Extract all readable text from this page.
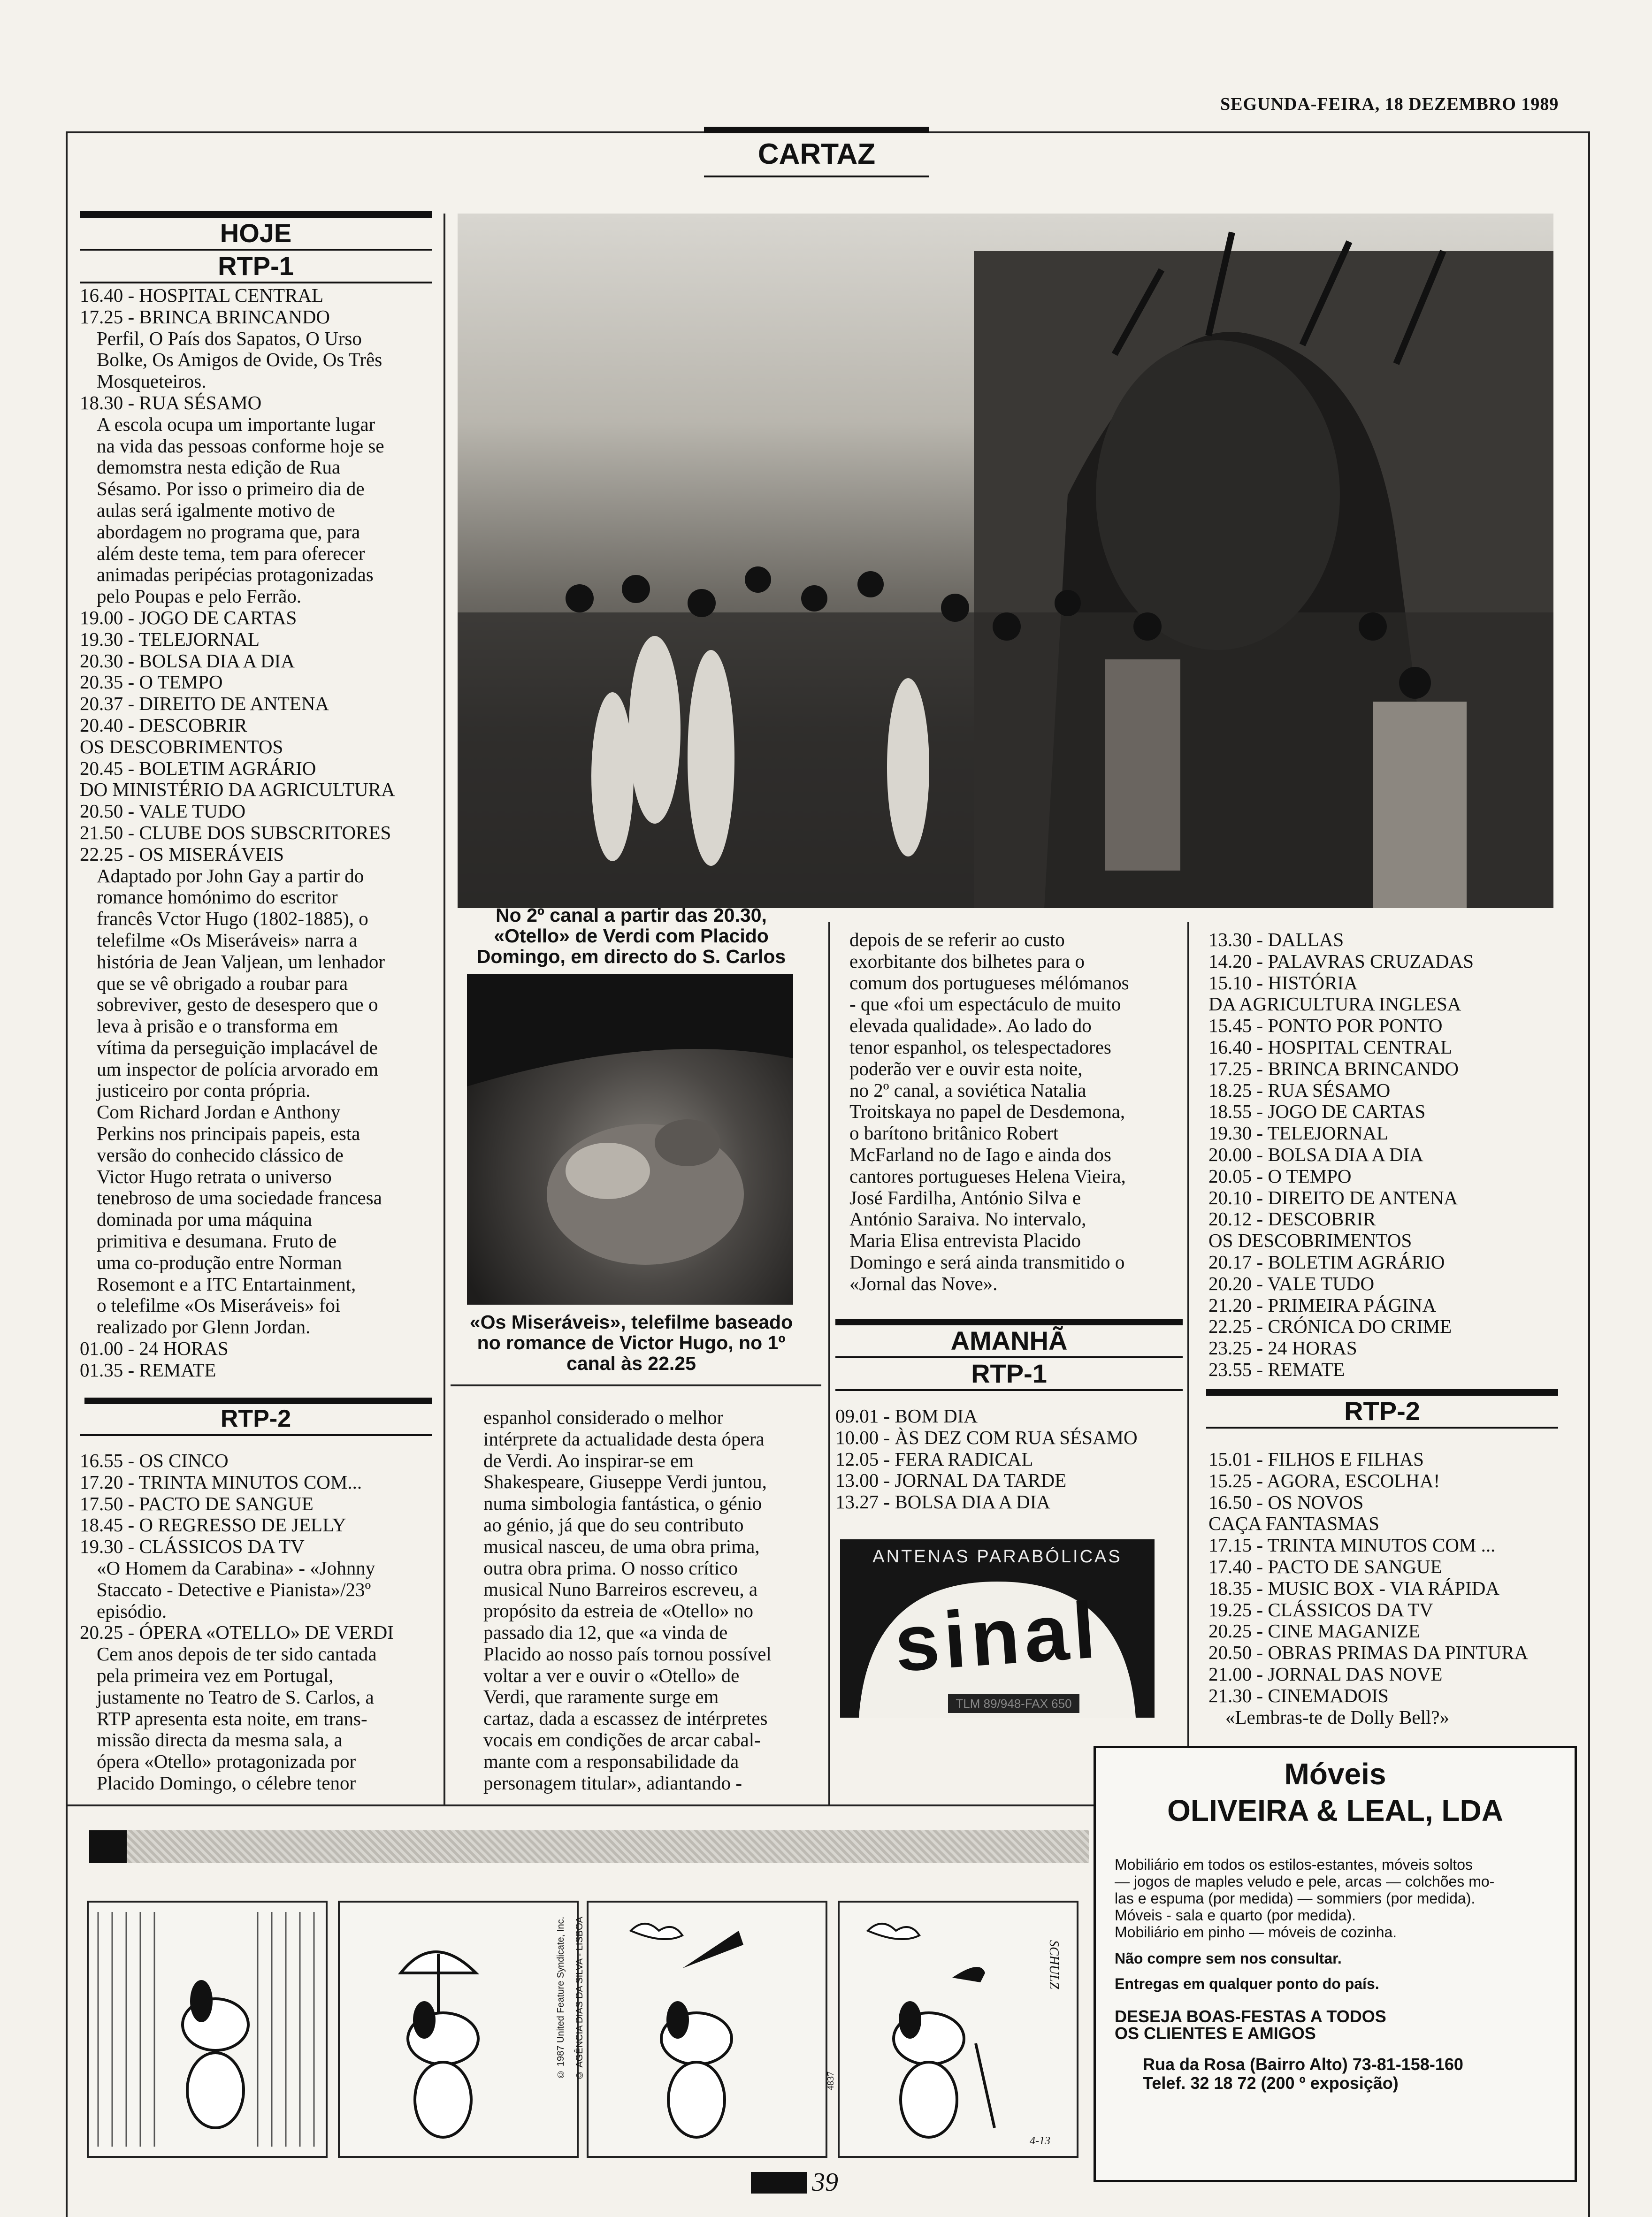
SEGUNDA-FEIRA, 18 DEZEMBRO 1989
CARTAZ
HOJE
RTP-1
16.40 - HOSPITAL CENTRAL
17.25 - BRINCA BRINCANDO
Perfil, O País dos Sapatos, O Urso
Bolke, Os Amigos de Ovide, Os Três
Mosqueteiros.
18.30 - RUA SÉSAMO
A escola ocupa um importante lugar
na vida das pessoas conforme hoje se
demomstra nesta edição de Rua
Sésamo. Por isso o primeiro dia de
aulas será igalmente motivo de
abordagem no programa que, para
além deste tema, tem para oferecer
animadas peripécias protagonizadas
pelo Poupas e pelo Ferrão.
19.00 - JOGO DE CARTAS
19.30 - TELEJORNAL
20.30 - BOLSA DIA A DIA
20.35 - O TEMPO
20.37 - DIREITO DE ANTENA
20.40 - DESCOBRIR
OS DESCOBRIMENTOS
20.45 - BOLETIM AGRÁRIO
DO MINISTÉRIO DA AGRICULTURA
20.50 - VALE TUDO
21.50 - CLUBE DOS SUBSCRITORES
22.25 - OS MISERÁVEIS
Adaptado por John Gay a partir do
romance homónimo do escritor
francês Vctor Hugo (1802-1885), o
telefilme «Os Miseráveis» narra a
história de Jean Valjean, um lenhador
que se vê obrigado a roubar para
sobreviver, gesto de desespero que o
leva à prisão e o transforma em
vítima da perseguição implacável de
um inspector de polícia arvorado em
justiceiro por conta própria.
Com Richard Jordan e Anthony
Perkins nos principais papeis, esta
versão do conhecido clássico de
Victor Hugo retrata o universo
tenebroso de uma sociedade francesa
dominada por uma máquina
primitiva e desumana. Fruto de
uma co-produção entre Norman
Rosemont e a ITC Entartainment,
o telefilme «Os Miseráveis» foi
realizado por Glenn Jordan.
01.00 - 24 HORAS
01.35 - REMATE
RTP-2
16.55 - OS CINCO
17.20 - TRINTA MINUTOS COM...
17.50 - PACTO DE SANGUE
18.45 - O REGRESSO DE JELLY
19.30 - CLÁSSICOS DA TV
«O Homem da Carabina» - «Johnny
Staccato - Detective e Pianista»/23º
episódio.
20.25 - ÓPERA «OTELLO» DE VERDI
Cem anos depois de ter sido cantada
pela primeira vez em Portugal,
justamente no Teatro de S. Carlos, a
RTP apresenta esta noite, em trans-
missão directa da mesma sala, a
ópera «Otello» protagonizada por
Placido Domingo, o célebre tenor
No 2º canal a partir das 20.30, «Otello» de Verdi com Placido Domingo, em directo do S. Carlos
«Os Miseráveis», telefilme baseado no romance de Victor Hugo, no 1º canal às 22.25
espanhol considerado o melhor
intérprete da actualidade desta ópera
de Verdi. Ao inspirar-se em
Shakespeare, Giuseppe Verdi juntou,
numa simbologia fantástica, o génio
ao génio, já que do seu contributo
musical nasceu, de uma obra prima,
outra obra prima. O nosso crítico
musical Nuno Barreiros escreveu, a
propósito da estreia de «Otello» no
passado dia 12, que «a vinda de
Placido ao nosso país tornou possível
voltar a ver e ouvir o «Otello» de
Verdi, que raramente surge em
cartaz, dada a escassez de intérpretes
vocais em condições de arcar cabal-
mante com a responsabilidade da
personagem titular», adiantando -
depois de se referir ao custo
exorbitante dos bilhetes para o
comum dos portugueses mélómanos
- que «foi um espectáculo de muito
elevada qualidade». Ao lado do
tenor espanhol, os telespectadores
poderão ver e ouvir esta noite,
no 2º canal, a soviética Natalia
Troitskaya no papel de Desdemona,
o barítono britânico Robert
McFarland no de Iago e ainda dos
cantores portugueses Helena Vieira,
José Fardilha, António Silva e
António Saraiva. No intervalo,
Maria Elisa entrevista Placido
Domingo e será ainda transmitido o
«Jornal das Nove».
AMANHÃ
RTP-1
09.01 - BOM DIA
10.00 - ÀS DEZ COM RUA SÉSAMO
12.05 - FERA RADICAL
13.00 - JORNAL DA TARDE
13.27 - BOLSA DIA A DIA
ANTENAS PARABÓLICAS
sinal
TLM 89/948-FAX 650
13.30 - DALLAS
14.20 - PALAVRAS CRUZADAS
15.10 - HISTÓRIA
DA AGRICULTURA INGLESA
15.45 - PONTO POR PONTO
16.40 - HOSPITAL CENTRAL
17.25 - BRINCA BRINCANDO
18.25 - RUA SÉSAMO
18.55 - JOGO DE CARTAS
19.30 - TELEJORNAL
20.00 - BOLSA DIA A DIA
20.05 - O TEMPO
20.10 - DIREITO DE ANTENA
20.12 - DESCOBRIR
OS DESCOBRIMENTOS
20.17 - BOLETIM AGRÁRIO
20.20 - VALE TUDO
21.20 - PRIMEIRA PÁGINA
22.25 - CRÓNICA DO CRIME
23.25 - 24 HORAS
23.55 - REMATE
RTP-2
15.01 - FILHOS E FILHAS
15.25 - AGORA, ESCOLHA!
16.50 - OS NOVOS
CAÇA FANTASMAS
17.15 - TRINTA MINUTOS COM ...
17.40 - PACTO DE SANGUE
18.35 - MUSIC BOX - VIA RÁPIDA
19.25 - CLÁSSICOS DA TV
20.25 - CINE MAGANIZE
20.50 - OBRAS PRIMAS DA PINTURA
21.00 - JORNAL DAS NOVE
21.30 - CINEMADOIS
«Lembras-te de Dolly Bell?»
Móveis
OLIVEIRA & LEAL, LDA
Mobiliário em todos os estilos-estantes, móveis soltos
— jogos de maples veludo e pele, arcas — colchões mo-
las e espuma (por medida) — sommiers (por medida).
Móveis - sala e quarto (por medida).
Mobiliário em pinho — móveis de cozinha.
Não compre sem nos consultar.
Entregas em qualquer ponto do país.
DESEJA BOAS-FESTAS A TODOS
OS CLIENTES E AMIGOS
Rua da Rosa (Bairro Alto) 73-81-158-160
Telef. 32 18 72 (200 º exposição)
© 1987 United Feature Syndicate, Inc. © AGÊNCIA DIAS DA SILVA - LISBOA	SCHULZ
4-13
4837
39
